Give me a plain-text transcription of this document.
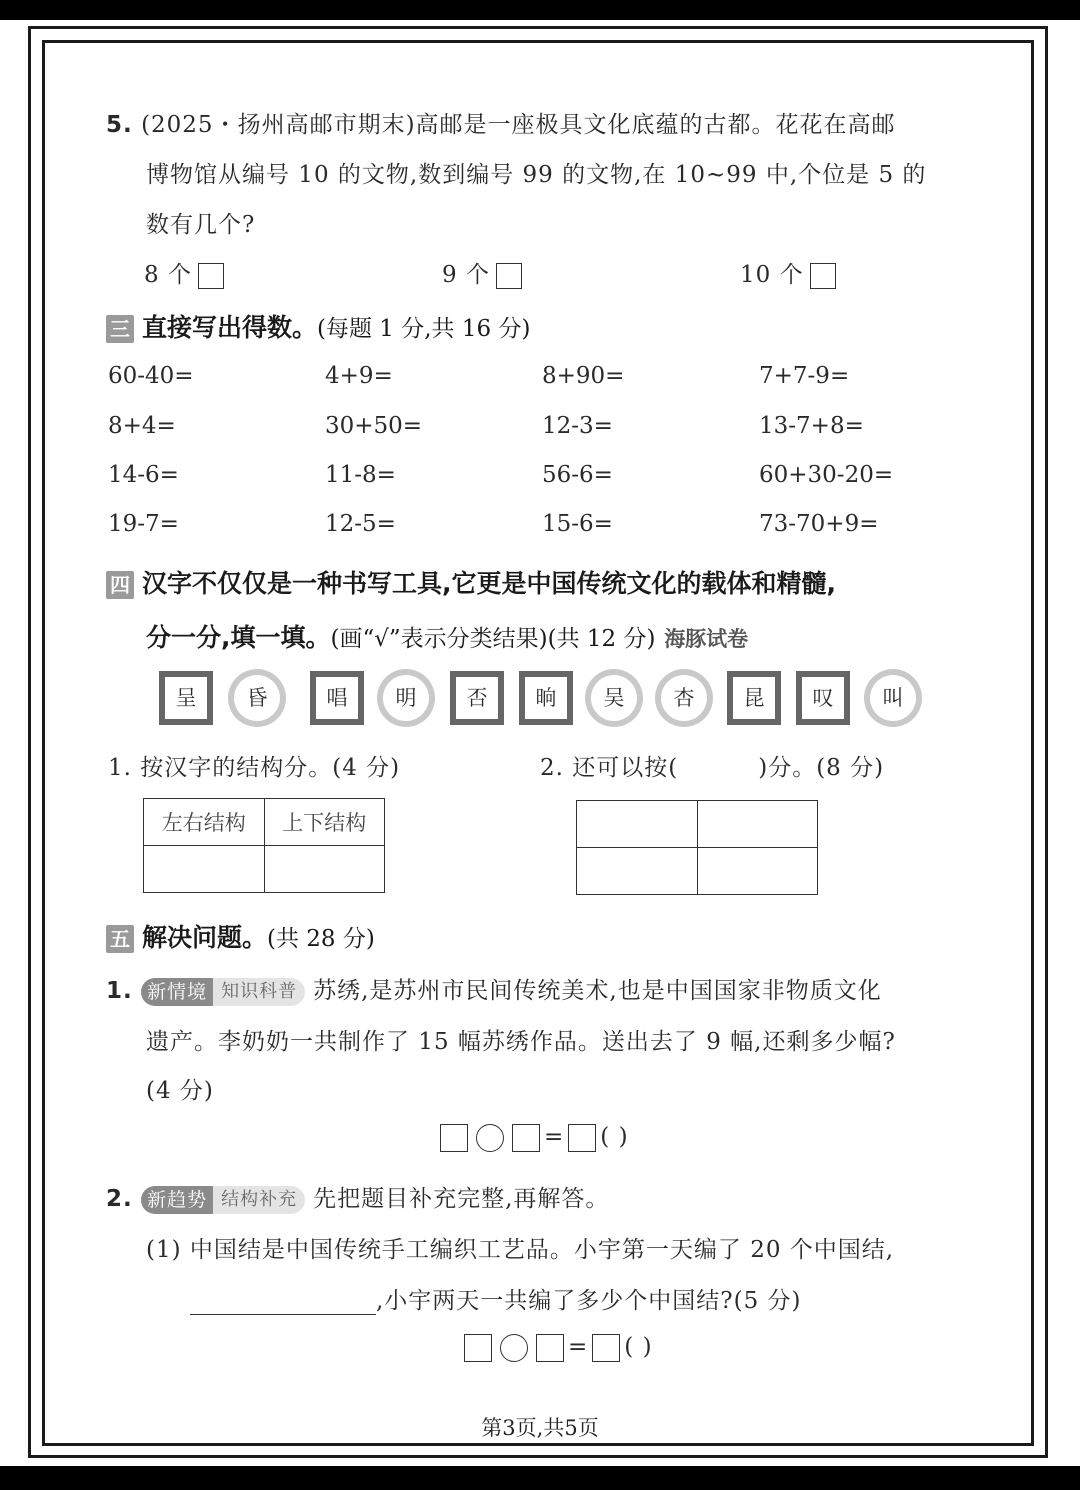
5. (2025・扬州高邮市期末)高邮是一座极具文化底蕴的古都。花花在高邮
博物馆从编号 10 的文物,数到编号 99 的文物,在 10~99 中,个位是 5 的
数有几个?
8 个	9 个	10 个
三 直接写出得数。(每题 1 分,共 16 分)
60-40=	4+9=	8+90=	7+7-9=
8+4=	30+50=	12-3=	13-7+8=
14-6=	11-8=	56-6=	60+30-20=
19-7=	12-5=	15-6=	73-70+9=
四 汉字不仅仅是一种书写工具,它更是中国传统文化的载体和精髓,
分一分,填一填。(画“√”表示分类结果)(共 12 分) 海豚试卷
呈	昏	唱	明	否	晌	吴	杏	昆	叹	叫
1. 按汉字的结构分。(4 分)	2. 还可以按(	)分。(8 分)
左右结构	上下结构

五 解决问题。(共 28 分)
1. 新情境 知识科普 苏绣,是苏州市民间传统美术,也是中国国家非物质文化
遗产。李奶奶一共制作了 15 幅苏绣作品。送出去了 9 幅,还剩多少幅?
(4 分)
= ( )
2. 新趋势 结构补充 先把题目补充完整,再解答。
(1) 中国结是中国传统手工编织工艺品。小宇第一天编了 20 个中国结,
,小宇两天一共编了多少个中国结?(5 分)
= ( )
第3页,共5页
